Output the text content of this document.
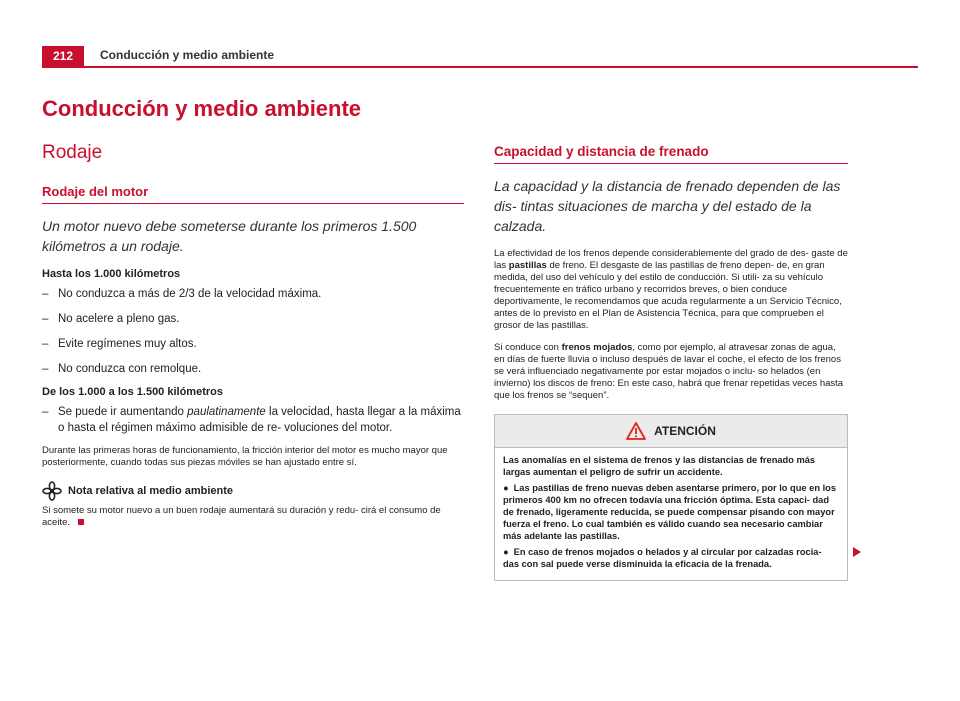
212	Conducción y medio ambiente
Conducción y medio ambiente
Rodaje
Rodaje del motor

Un motor nuevo debe someterse durante los primeros 1.500 kilómetros a un rodaje.

Hasta los 1.000 kilómetros
– No conduzca a más de 2/3 de la velocidad máxima.
– No acelere a pleno gas.
– Evite regímenes muy altos.
– No conduzca con remolque.
De los 1.000 a los 1.500 kilómetros
– Se puede ir aumentando paulatinamente la velocidad, hasta llegar a la máxima o hasta el régimen máximo admisible de re- voluciones del motor.

Durante las primeras horas de funcionamiento, la fricción interior del motor es mucho mayor que posteriormente, cuando todas sus piezas móviles se han ajustado entre sí.

Nota relativa al medio ambiente
Si somete su motor nuevo a un buen rodaje aumentará su duración y redu- cirá el consumo de aceite.
Capacidad y distancia de frenado

La capacidad y la distancia de frenado dependen de las dis- tintas situaciones de marcha y del estado de la calzada.

La efectividad de los frenos depende considerablemente del grado de des- gaste de las pastillas de freno. El desgaste de las pastillas de freno depen- de, en gran medida, del uso del vehículo y del estilo de conducción. Si utili- za su vehículo frecuentemente en tráfico urbano y recorridos breves, o bien conduce deportivamente, le recomendamos que acuda regularmente a un Servicio Técnico, antes de lo previsto en el Plan de Asistencia Técnica, para que comprueben el grosor de las pastillas.

Si conduce con frenos mojados, como por ejemplo, al atravesar zonas de agua, en días de fuerte lluvia o incluso después de lavar el coche, el efecto de los frenos se verá influenciado negativamente por estar mojados o inclu- so helados (en invierno) los discos de freno: En este caso, habrá que frenar repetidas veces hasta que los frenos se “sequen”.

ATENCIÓN

Las anomalías en el sistema de frenos y las distancias de frenado más largas aumentan el peligro de sufrir un accidente.

● Las pastillas de freno nuevas deben asentarse primero, por lo que en los primeros 400 km no ofrecen todavía una fricción óptima. Esta capaci- dad de frenado, ligeramente reducida, se puede compensar pisando con mayor fuerza el freno. Lo cual también es válido cuando sea necesario cambiar más adelante las pastillas.
● En caso de frenos mojados o helados y al circular por calzadas rocia- das con sal puede verse disminuida la eficacia de la frenada.
